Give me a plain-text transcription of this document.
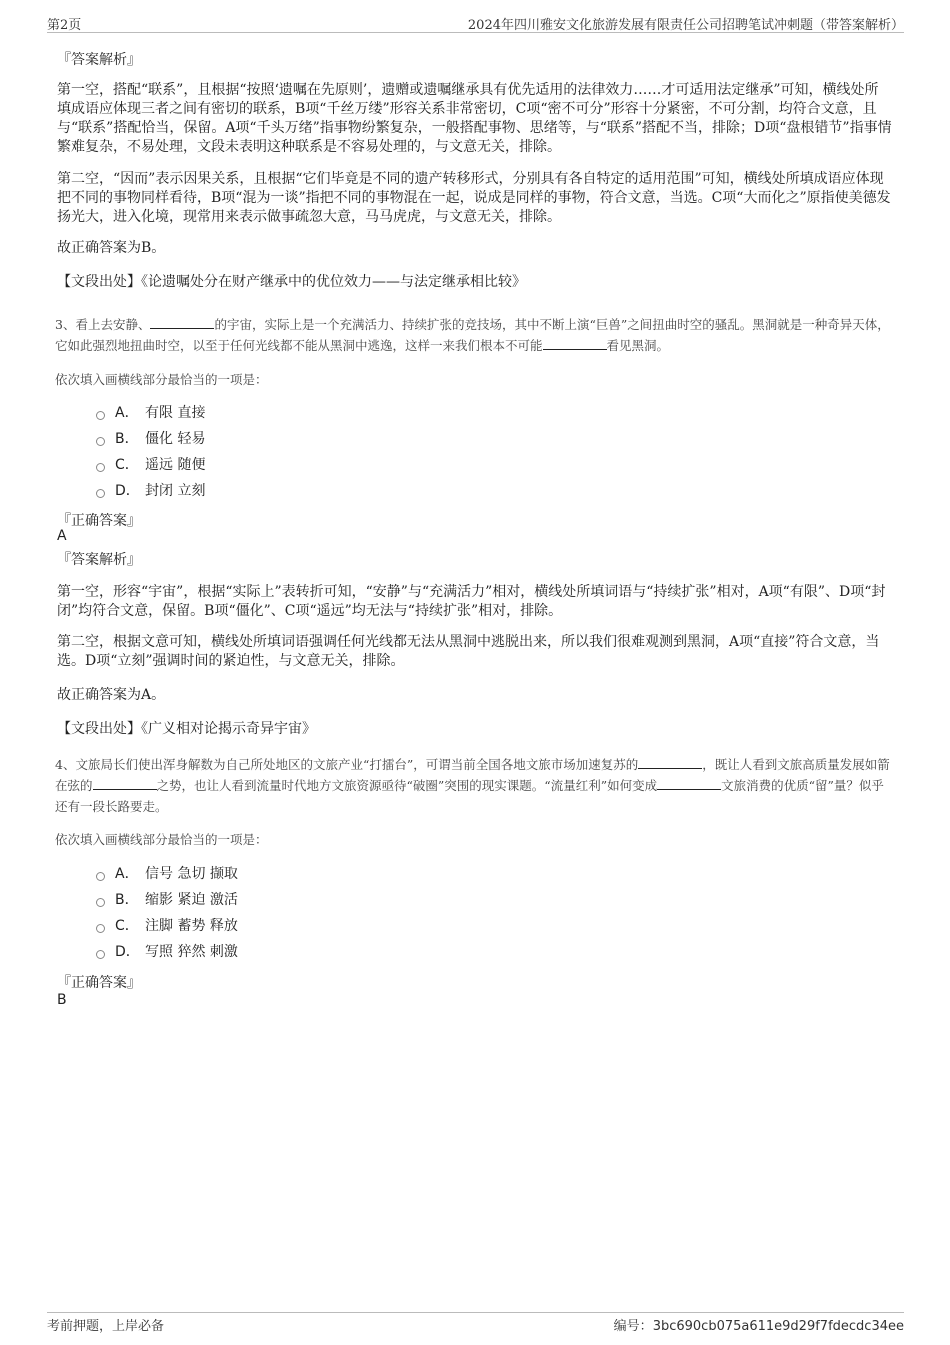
第2页	2024年四川雅安文化旅游发展有限责任公司招聘笔试冲刺题（带答案解析）
『答案解析』
第一空，搭配“联系”，且根据“按照‘遗嘱在先原则’，遗赠或遗嘱继承具有优先适用的法律效力……才可适用法定继承”可知，横线处所填成语应体现三者之间有密切的联系，B项“千丝万缕”形容关系非常密切，C项“密不可分”形容十分紧密，不可分割，均符合文意，且与“联系”搭配恰当，保留。A项“千头万绪”指事物纷繁复杂，一般搭配事物、思绪等，与“联系”搭配不当，排除；D项“盘根错节”指事情繁难复杂，不易处理，文段未表明这种联系是不容易处理的，与文意无关，排除。
第二空，“因而”表示因果关系，且根据“它们毕竟是不同的遗产转移形式，分别具有各自特定的适用范围”可知，横线处所填成语应体现把不同的事物同样看待，B项“混为一谈”指把不同的事物混在一起，说成是同样的事物，符合文意，当选。C项“大而化之”原指使美德发扬光大，进入化境，现常用来表示做事疏忽大意，马马虎虎，与文意无关，排除。
故正确答案为B。
【文段出处】《论遗嘱处分在财产继承中的优位效力——与法定继承相比较》
3、看上去安静、	的宇宙，实际上是一个充满活力、持续扩张的竞技场，其中不断上演“巨兽”之间扭曲时空的骚乱。黑洞就是一种奇异天体，它如此强烈地扭曲时空，以至于任何光线都不能从黑洞中逃逸，这样一来我们根本不可能	看见黑洞。
依次填入画横线部分最恰当的一项是：
A． 有限 直接
B． 僵化 轻易
C． 遥远 随便
D． 封闭 立刻
『正确答案』
A
『答案解析』
第一空，形容“宇宙”，根据“实际上”表转折可知，“安静”与“充满活力”相对，横线处所填词语与“持续扩张”相对，A项“有限”、D项“封闭”均符合文意，保留。B项“僵化”、C项“遥远”均无法与“持续扩张”相对，排除。
第二空，根据文意可知，横线处所填词语强调任何光线都无法从黑洞中逃脱出来，所以我们很难观测到黑洞，A项“直接”符合文意，当选。D项“立刻”强调时间的紧迫性，与文意无关，排除。
故正确答案为A。
【文段出处】《广义相对论揭示奇异宇宙》
4、文旅局长们使出浑身解数为自己所处地区的文旅产业“打擂台”，可谓当前全国各地文旅市场加速复苏的	，既让人看到文旅高质量发展如箭在弦的	之势，也让人看到流量时代地方文旅资源亟待“破圈”突围的现实课题。“流量红利”如何变成	文旅消费的优质“留”量？似乎还有一段长路要走。
依次填入画横线部分最恰当的一项是：
A． 信号 急切 撷取
B． 缩影 紧迫 激活
C． 注脚 蓄势 释放
D． 写照 猝然 刺激
『正确答案』
B
考前押题，上岸必备	编号：3bc690cb075a611e9d29f7fdecdc34ee
